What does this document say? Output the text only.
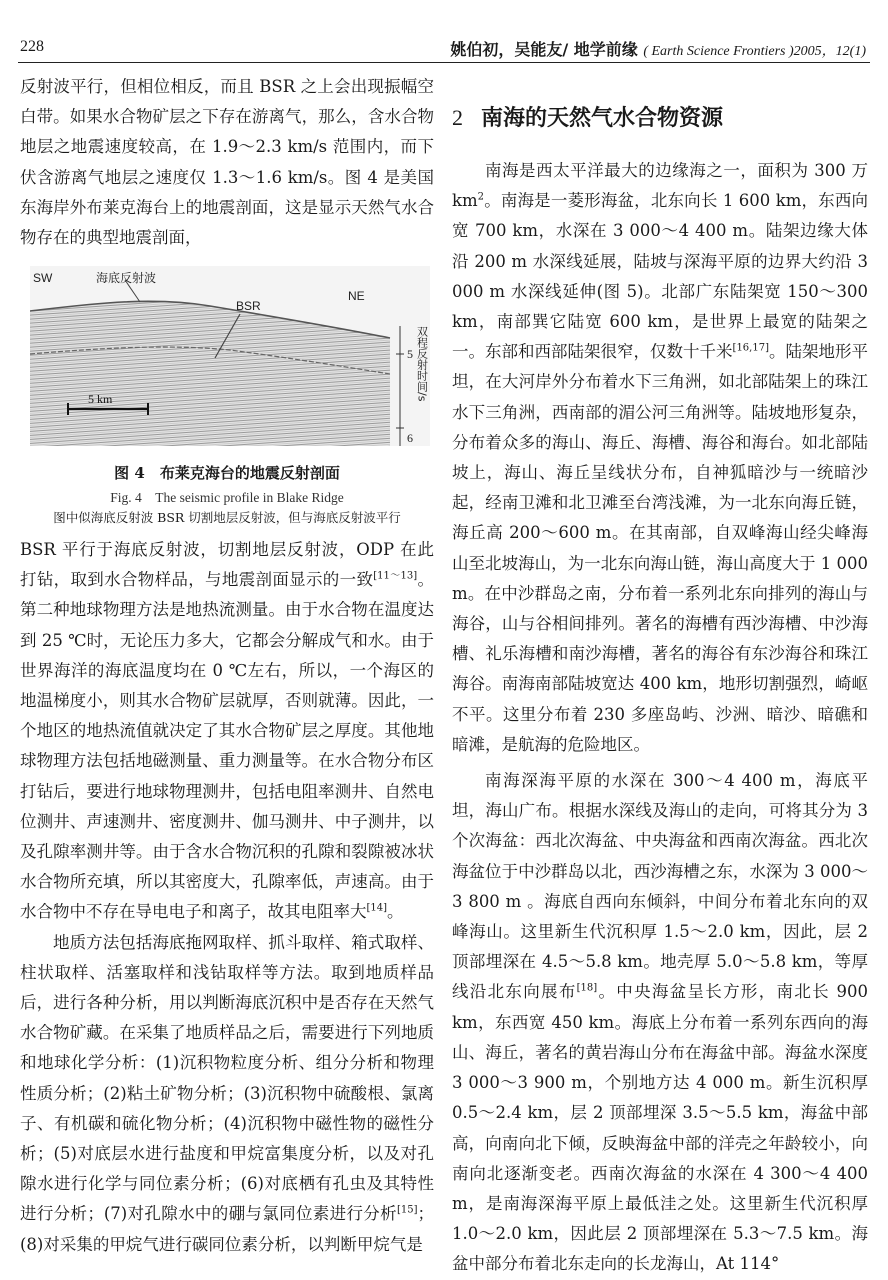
228	姚伯初，吴能友/ 地学前缘 ( Earth Science Frontiers )2005，12(1)

反射波平行，但相位相反，而且 BSR 之上会出现振幅空白带。如果水合物矿层之下存在游离气，那么，含水合物地层之地震速度较高，在 1.9～2.3 km/s 范围内，而下伏含游离气地层之速度仅 1.3～1.6 km/s。图 4 是美国东海岸外布莱克海台上的地震剖面，这是显示天然气水合物存在的典型地震剖面，

SW	海底反射波
BSR
NE
5
6
双程反射时间/s
5 km
图 4　布莱克海台的地震反射剖面
Fig. 4　The seismic profile in Blake Ridge
图中似海底反射波 BSR 切割地层反射波，但与海底反射波平行

BSR 平行于海底反射波，切割地层反射波，ODP 在此打钻，取到水合物样品，与地震剖面显示的一致[11～13]。第二种地球物理方法是地热流测量。由于水合物在温度达到 25 ℃时，无论压力多大，它都会分解成气和水。由于世界海洋的海底温度均在 0 ℃左右，所以，一个海区的地温梯度小，则其水合物矿层就厚，否则就薄。因此，一个地区的地热流值就决定了其水合物矿层之厚度。其他地球物理方法包括地磁测量、重力测量等。在水合物分布区打钻后，要进行地球物理测井，包括电阻率测井、自然电位测井、声速测井、密度测井、伽马测井、中子测井，以及孔隙率测井等。由于含水合物沉积的孔隙和裂隙被冰状水合物所充填，所以其密度大，孔隙率低，声速高。由于水合物中不存在导电电子和离子，故其电阻率大[14]。

地质方法包括海底拖网取样、抓斗取样、箱式取样、柱状取样、活塞取样和浅钻取样等方法。取到地质样品后，进行各种分析，用以判断海底沉积中是否存在天然气水合物矿藏。在采集了地质样品之后，需要进行下列地质和地球化学分析：(1)沉积物粒度分析、组分分析和物理性质分析；(2)粘土矿物分析；(3)沉积物中硫酸根、氯离子、有机碳和硫化物分析；(4)沉积物中磁性物的磁性分析；(5)对底层水进行盐度和甲烷富集度分析，以及对孔隙水进行化学与同位素分析；(6)对底栖有孔虫及其特性进行分析；(7)对孔隙水中的硼与氯同位素进行分析[15]；(8)对采集的甲烷气进行碳同位素分析，以判断甲烷气是

2 南海的天然气水合物资源

南海是西太平洋最大的边缘海之一，面积为 300 万 $km^2$。南海是一菱形海盆，北东向长 1 600 km，东西向宽 700 km，水深在 3 000～4 400 m。陆架边缘大体沿 200 m 水深线延展，陆坡与深海平原的边界大约沿 3 000 m 水深线延伸(图 5)。北部广东陆架宽 150～300 km，南部巽它陆宽 600 km，是世界上最宽的陆架之一。东部和西部陆架很窄，仅数十千米[16,17]。陆架地形平坦，在大河岸外分布着水下三角洲，如北部陆架上的珠江水下三角洲，西南部的湄公河三角洲等。陆坡地形复杂，分布着众多的海山、海丘、海槽、海谷和海台。如北部陆坡上，海山、海丘呈线状分布，自神狐暗沙与一统暗沙起，经南卫滩和北卫滩至台湾浅滩，为一北东向海丘链，海丘高 200～600 m。在其南部，自双峰海山经尖峰海山至北坡海山，为一北东向海山链，海山高度大于 1 000 m。在中沙群岛之南，分布着一系列北东向排列的海山与海谷，山与谷相间排列。著名的海槽有西沙海槽、中沙海槽、礼乐海槽和南沙海槽，著名的海谷有东沙海谷和珠江海谷。南海南部陆坡宽达 400 km，地形切割强烈，崎岖不平。这里分布着 230 多座岛屿、沙洲、暗沙、暗礁和暗滩，是航海的危险地区。

南海深海平原的水深在 300～4 400 m，海底平坦，海山广布。根据水深线及海山的走向，可将其分为 3 个次海盆：西北次海盆、中央海盆和西南次海盆。西北次海盆位于中沙群岛以北，西沙海槽之东，水深为 3 000～3 800 m 。海底自西向东倾斜，中间分布着北东向的双峰海山。这里新生代沉积厚 1.5～2.0 km，因此，层 2 顶部埋深在 4.5～5.8 km。地壳厚 5.0～5.8 km，等厚线沿北东向展布[18]。中央海盆呈长方形，南北长 900 km，东西宽 450 km。海底上分布着一系列东西向的海山、海丘，著名的黄岩海山分布在海盆中部。海盆水深度 3 000～3 900 m，个别地方达 4 000 m。新生沉积厚 0.5～2.4 km，层 2 顶部埋深 3.5～5.5 km，海盆中部高，向南向北下倾，反映海盆中部的洋壳之年龄较小，向南向北逐渐变老。西南次海盆的水深在 4 300～4 400 m，是南海深海平原上最低洼之处。这里新生代沉积厚 1.0～2.0 km，因此层 2 顶部埋深在 5.3～7.5 km。海盆中部分布着北东走向的长龙海山，At 114°
